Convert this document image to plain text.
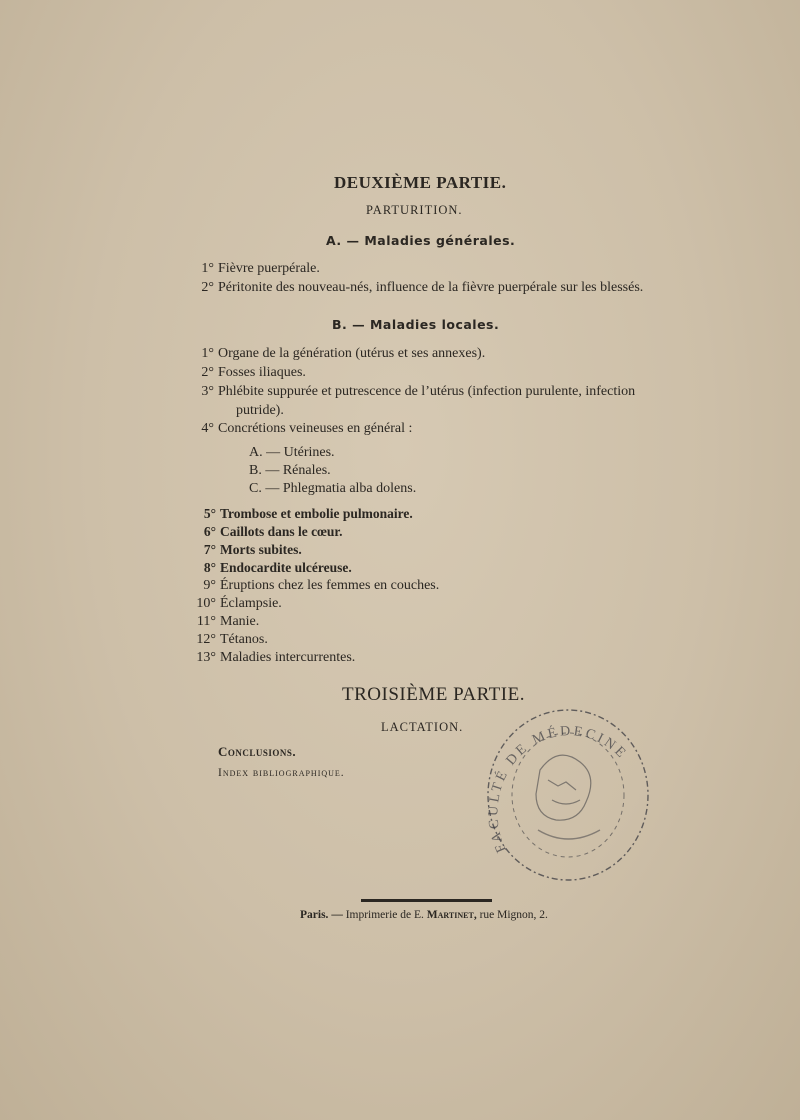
DEUXIÈME PARTIE.
PARTURITION.
A. — Maladies générales.
1° Fièvre puerpérale.
2° Péritonite des nouveau-nés, influence de la fièvre puerpérale sur les blessés.
B. — Maladies locales.
1° Organe de la génération (utérus et ses annexes).
2° Fosses iliaques.
3° Phlébite suppurée et putrescence de l’utérus (infection purulente, infection
putride).
4° Concrétions veineuses en général :
A. — Utérines.
B. — Rénales.
C. — Phlegmatia alba dolens.
5° Trombose et embolie pulmonaire.
6° Caillots dans le cœur.
7° Morts subites.
8° Endocardite ulcéreuse.
9° Éruptions chez les femmes en couches.
10° Éclampsie.
11° Manie.
12° Tétanos.
13° Maladies intercurrentes.
TROISIÈME PARTIE.
LACTATION.
Conclusions.
Index bibliographique.
FACULTÉ DE MÉDECINE
Paris. — Imprimerie de E. Martinet, rue Mignon, 2.
